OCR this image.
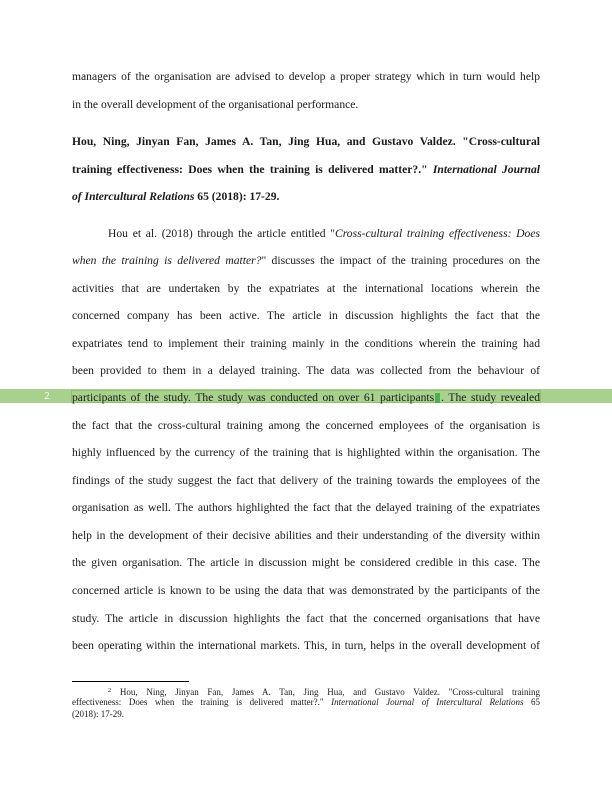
managers of the organisation are advised to develop a proper strategy which in turn would help
in the overall development of the organisational performance.
Hou, Ning, Jinyan Fan, James A. Tan, Jing Hua, and Gustavo Valdez. "Cross-cultural
training effectiveness: Does when the training is delivered matter?." International Journal
of Intercultural Relations 65 (2018): 17-29.
Hou et al. (2018) through the article entitled "Cross-cultural training effectiveness: Does
when the training is delivered matter?" discusses the impact of the training procedures on the
activities that are undertaken by the expatriates at the international locations wherein the
concerned company has been active. The article in discussion highlights the fact that the
expatriates tend to implement their training mainly in the conditions wherein the training had
been provided to them in a delayed training. The data was collected from the behaviour of
2	participants of the study. The study was conducted on over 61 participants . The study revealed
the fact that the cross-cultural training among the concerned employees of the organisation is
highly influenced by the currency of the training that is highlighted within the organisation. The
findings of the study suggest the fact that delivery of the training towards the employees of the
organisation as well. The authors highlighted the fact that the delayed training of the expatriates
help in the development of their decisive abilities and their understanding of the diversity within
the given organisation. The article in discussion might be considered credible in this case. The
concerned article is known to be using the data that was demonstrated by the participants of the
study. The article in discussion highlights the fact that the concerned organisations that have
been operating within the international markets. This, in turn, helps in the overall development of
$^2$ Hou, Ning, Jinyan Fan, James A. Tan, Jing Hua, and Gustavo Valdez. "Cross-cultural training
effectiveness: Does when the training is delivered matter?." International Journal of Intercultural Relations 65
(2018): 17-29.
